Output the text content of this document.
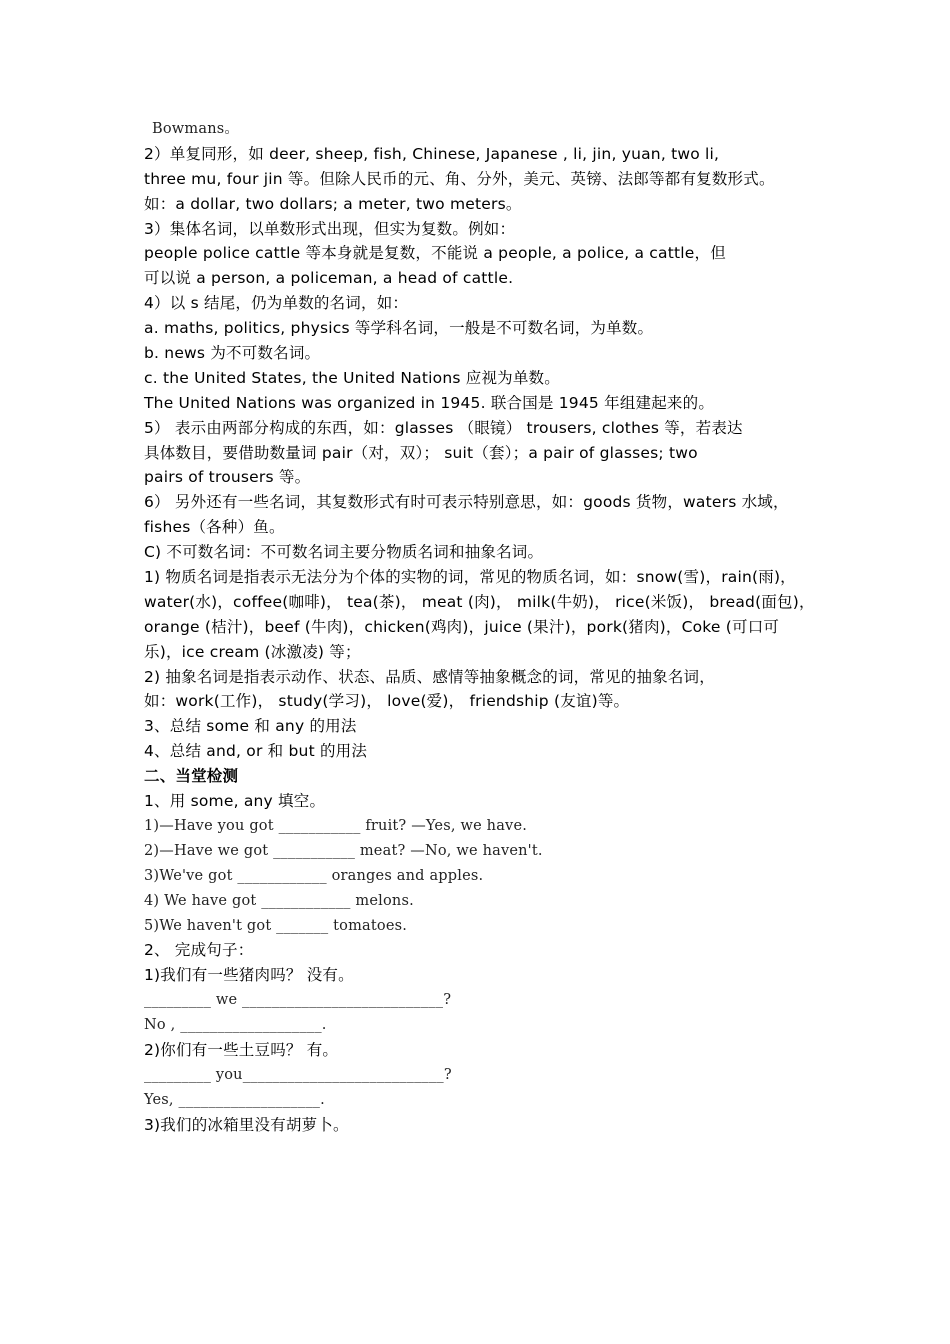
Bowmans。
2）单复同形，如 deer, sheep, fish, Chinese, Japanese , li, jin, yuan, two li,
three mu, four jin 等。但除人民币的元、角、分外，美元、英镑、法郎等都有复数形式。
如：a dollar, two dollars; a meter, two meters。
3）集体名词，以单数形式出现，但实为复数。例如：
people police cattle 等本身就是复数，不能说 a people, a police, a cattle，但
可以说 a person, a policeman, a head of cattle.
4）以 s 结尾，仍为单数的名词，如：
a. maths, politics, physics 等学科名词，一般是不可数名词，为单数。
b. news 为不可数名词。
c. the United States, the United Nations 应视为单数。
The United Nations was organized in 1945. 联合国是 1945 年组建起来的。
5） 表示由两部分构成的东西，如：glasses （眼镜） trousers, clothes 等，若表达
具体数目，要借助数量词 pair（对，双）； suit（套）；a pair of glasses; two
pairs of trousers 等。
6） 另外还有一些名词，其复数形式有时可表示特别意思，如：goods 货物，waters 水域，
fishes（各种）鱼。
C) 不可数名词：不可数名词主要分物质名词和抽象名词。
1) 物质名词是指表示无法分为个体的实物的词，常见的物质名词，如：snow(雪)，rain(雨)，
water(水)，coffee(咖啡)， tea(茶)， meat (肉)， milk(牛奶)， rice(米饭)， bread(面包)，
orange (桔汁)，beef (牛肉)，chicken(鸡肉)，juice (果汁)，pork(猪肉)，Coke (可口可
乐)，ice cream (冰激凌) 等；
2) 抽象名词是指表示动作、状态、品质、感情等抽象概念的词，常见的抽象名词，
如：work(工作)， study(学习)， love(爱)， friendship (友谊)等。
3、总结 some 和 any 的用法
4、总结 and, or 和 but 的用法
二、当堂检测
1、用 some, any 填空。
1)—Have you got ___________ fruit? —Yes, we have.
2)—Have we got ___________ meat? —No, we haven't.
3)We've got ____________ oranges and apples.
4) We have got ____________ melons.
5)We haven't got _______ tomatoes.
2、 完成句子：
1)我们有一些猪肉吗？ 没有。
_________ we ___________________________?
No , ___________________.
2)你们有一些土豆吗？ 有。
_________ you___________________________?
Yes, ___________________.
3)我们的冰箱里没有胡萝卜。
